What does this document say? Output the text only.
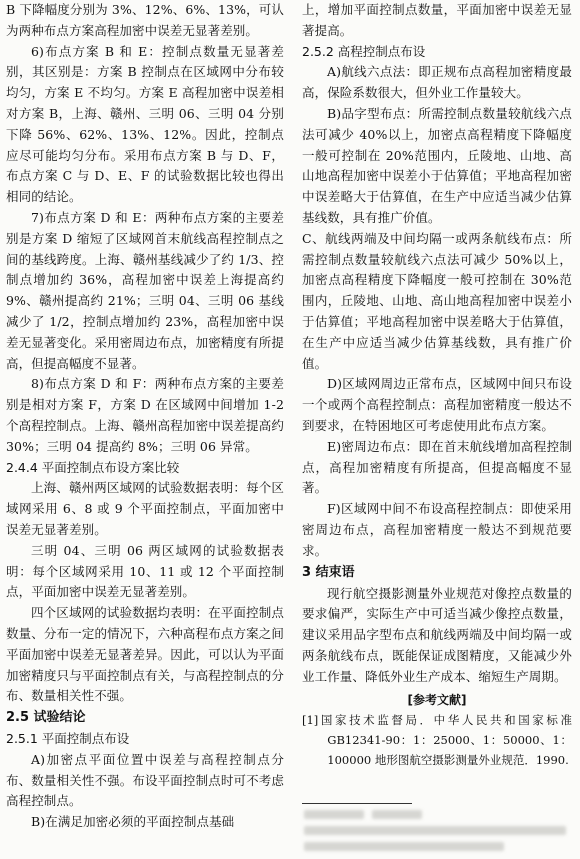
B 下降幅度分别为 3%、12%、6%、13%，可认为两种布点方案高程加密中误差无显著差别。

6)布点方案 B 和 E：控制点数量无显著差别，其区别是：方案 B 控制点在区域网中分布较均匀，方案 E 不均匀。方案 E 高程加密中误差相对方案 B，上海、赣州、三明 06、三明 04 分别下降 56%、62%、13%、12%。因此，控制点应尽可能均匀分布。采用布点方案 B 与 D、F，布点方案 C 与 D、E、F 的试验数据比较也得出相同的结论。

7)布点方案 D 和 E：两种布点方案的主要差别是方案 D 缩短了区域网首末航线高程控制点之间的基线跨度。上海、赣州基线减少了约 1/3、控制点增加约 36%，高程加密中误差上海提高约 9%、赣州提高约 21%；三明 04、三明 06 基线减少了 1/2，控制点增加约 23%，高程加密中误差无显著变化。采用密周边布点，加密精度有所提高，但提高幅度不显著。

8)布点方案 D 和 F：两种布点方案的主要差别是相对方案 F，方案 D 在区域网中间增加 1-2 个高程控制点。上海、赣州高程加密中误差提高约 30%；三明 04 提高约 8%；三明 06 异常。

2.4.4 平面控制点布设方案比较

上海、赣州两区域网的试验数据表明：每个区域网采用 6、8 或 9 个平面控制点，平面加密中误差无显著差别。

三明 04、三明 06 两区域网的试验数据表明：每个区域网采用 10、11 或 12 个平面控制点，平面加密中误差无显著差别。

四个区域网的试验数据均表明：在平面控制点数量、分布一定的情况下，六种高程布点方案之间平面加密中误差无显著差异。因此，可以认为平面加密精度只与平面控制点有关，与高程控制点的分布、数量相关性不强。

2.5 试验结论

2.5.1 平面控制点布设

A)加密点平面位置中误差与高程控制点分布、数量相关性不强。布设平面控制点时可不考虑高程控制点。

B)在满足加密必须的平面控制点基础

上，增加平面控制点数量，平面加密中误差无显著提高。

2.5.2 高程控制点布设

A)航线六点法：即正规布点高程加密精度最高，保险系数很大，但外业工作量较大。

B)品字型布点：所需控制点数量较航线六点法可减少 40%以上，加密点高程精度下降幅度一般可控制在 20%范围内，丘陵地、山地、高山地高程加密中误差小于估算值；平地高程加密中误差略大于估算值，在生产中应适当减少估算基线数，具有推广价值。

C、航线两端及中间均隔一或两条航线布点：所需控制点数量较航线六点法可减少 50%以上，加密点高程精度下降幅度一般可控制在 30%范围内，丘陵地、山地、高山地高程加密中误差小于估算值；平地高程加密中误差略大于估算值，在生产中应适当减少估算基线数，具有推广价值。

D)区域网周边正常布点，区域网中间只布设一个或两个高程控制点：高程加密精度一般达不到要求，在特困地区可考虑使用此布点方案。

E)密周边布点：即在首末航线增加高程控制点，高程加密精度有所提高，但提高幅度不显著。

F)区域网中间不布设高程控制点：即使采用密周边布点，高程加密精度一般达不到规范要求。

3 结束语

现行航空摄影测量外业规范对像控点数量的要求偏严，实际生产中可适当减少像控点数量，建议采用品字型布点和航线两端及中间均隔一或两条航线布点，既能保证成图精度，又能减少外业工作量、降低外业生产成本、缩短生产周期。

[参考文献]

[1]国家技术监督局．中华人民共和国家标准 GB12341-90：1：25000、1：50000、1：100000 地形图航空摄影测量外业规范．1990.
